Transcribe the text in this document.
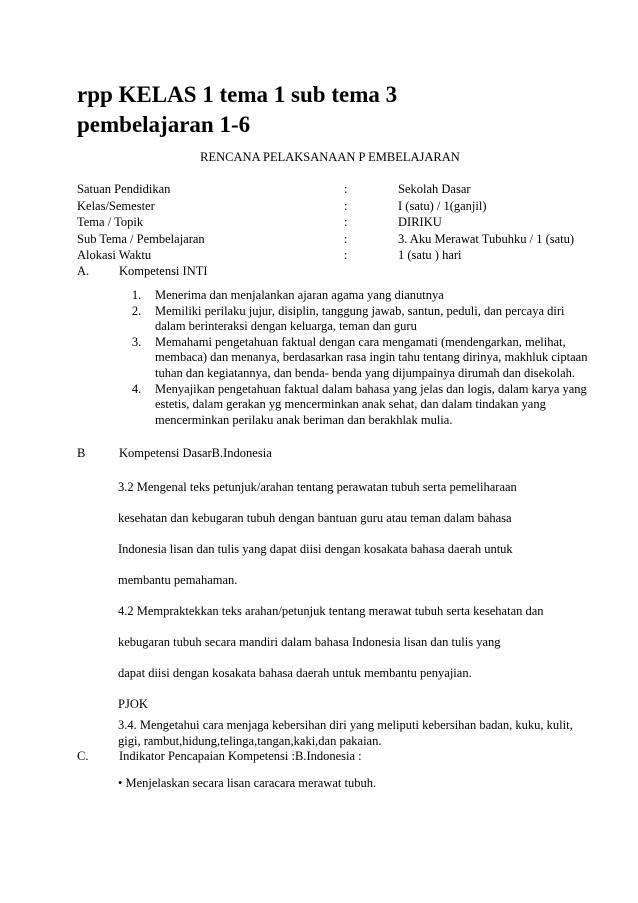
rpp KELAS 1 tema 1 sub tema 3
pembelajaran 1-6
RENCANA PELAKSANAAN P EMBELAJARAN
Satuan Pendidikan	:	Sekolah Dasar
Kelas/Semester	:	I (satu) / 1(ganjil)
Tema / Topik	:	DIRIKU
Sub Tema / Pembelajaran	:	3. Aku Merawat Tubuhku / 1 (satu)
Alokasi Waktu	:	1 (satu ) hari
A.	Kompetensi INTI
1.	Menerima dan menjalankan ajaran agama yang dianutnya
2.	Memiliki perilaku jujur, disiplin, tanggung jawab, santun, peduli, dan percaya diri dalam berinteraksi dengan keluarga, teman dan guru
3.	Memahami pengetahuan faktual dengan cara mengamati (mendengarkan, melihat, membaca) dan menanya, berdasarkan rasa ingin tahu tentang dirinya, makhluk ciptaan tuhan dan kegiatannya, dan benda- benda yang dijumpainya dirumah dan disekolah.
4.	Menyajikan pengetahuan faktual dalam bahasa yang jelas dan logis, dalam karya yang estetis, dalam gerakan yg mencerminkan anak sehat, dan dalam tindakan yang mencerminkan perilaku anak beriman dan berakhlak mulia.
B	Kompetensi DasarB.Indonesia

3.2 Mengenal teks petunjuk/arahan tentang perawatan tubuh serta pemeliharaan

kesehatan dan kebugaran tubuh dengan bantuan guru atau teman dalam bahasa

Indonesia lisan dan tulis yang dapat diisi dengan kosakata bahasa daerah untuk

membantu pemahaman.

4.2 Mempraktekkan teks arahan/petunjuk tentang merawat tubuh serta kesehatan dan

kebugaran tubuh secara mandiri dalam bahasa Indonesia lisan dan tulis yang

dapat diisi dengan kosakata bahasa daerah untuk membantu penyajian.

PJOK

3.4. Mengetahui cara menjaga kebersihan diri yang meliputi kebersihan badan, kuku, kulit, gigi, rambut,hidung,telinga,tangan,kaki,dan pakaian.

C.	Indikator Pencapaian Kompetensi :B.Indonesia :

• Menjelaskan secara lisan caracara merawat tubuh.
